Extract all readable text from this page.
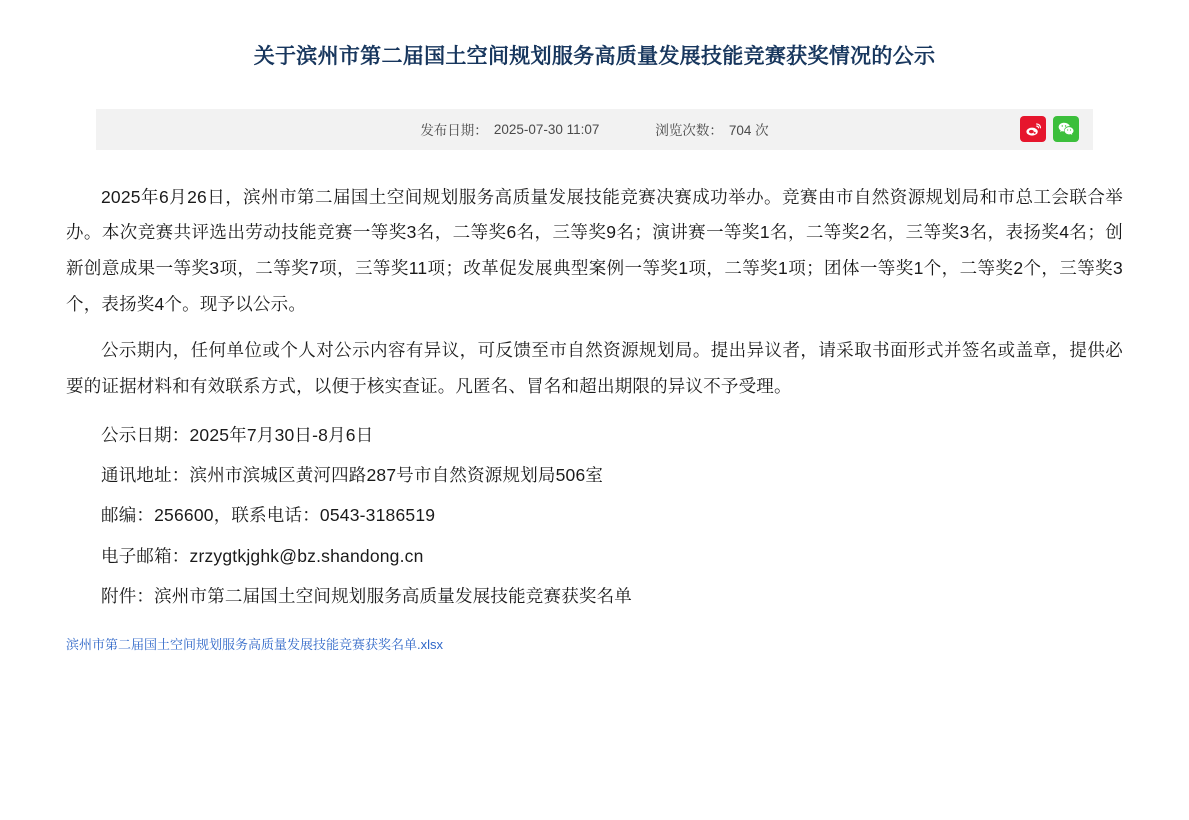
关于滨州市第二届国土空间规划服务高质量发展技能竞赛获奖情况的公示
发布日期： 2025-07-30 11:07	浏览次数： 704 次

2025年6月26日，滨州市第二届国土空间规划服务高质量发展技能竞赛决赛成功举办。竞赛由市自然资源规划局和市总工会联合举办。本次竞赛共评选出劳动技能竞赛一等奖3名，二等奖6名，三等奖9名；演讲赛一等奖1名，二等奖2名，三等奖3名，表扬奖4名；创新创意成果一等奖3项，二等奖7项，三等奖11项；改革促发展典型案例一等奖1项，二等奖1项；团体一等奖1个，二等奖2个，三等奖3个，表扬奖4个。现予以公示。

公示期内，任何单位或个人对公示内容有异议，可反馈至市自然资源规划局。提出异议者，请采取书面形式并签名或盖章，提供必要的证据材料和有效联系方式，以便于核实查证。凡匿名、冒名和超出期限的异议不予受理。

公示日期：2025年7月30日-8月6日

通讯地址：滨州市滨城区黄河四路287号市自然资源规划局506室

邮编：256600，联系电话：0543-3186519

电子邮箱：zrzygtkjghk@bz.shandong.cn

附件：滨州市第二届国土空间规划服务高质量发展技能竞赛获奖名单

滨州市第二届国土空间规划服务高质量发展技能竞赛获奖名单.xlsx
